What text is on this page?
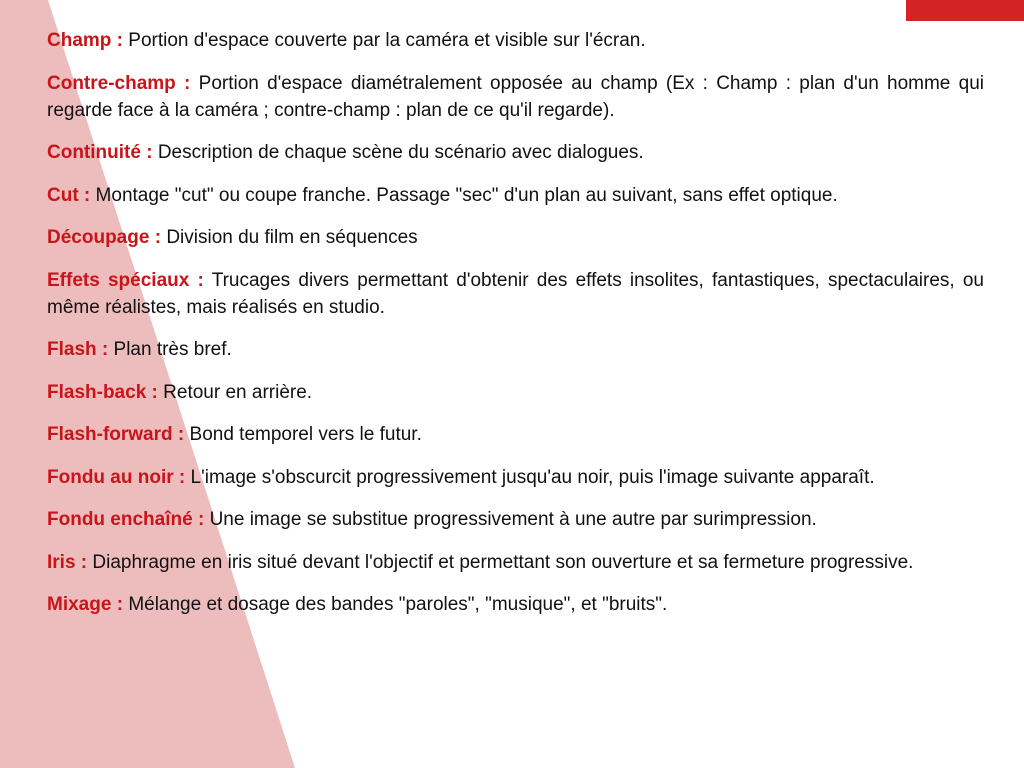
Champ : Portion d'espace couverte par la caméra et visible sur l'écran.

Contre-champ : Portion d'espace diamétralement opposée au champ (Ex : Champ : plan d'un homme qui regarde face à la caméra ; contre-champ : plan de ce qu'il regarde).

Continuité : Description de chaque scène du scénario avec dialogues.

Cut : Montage "cut" ou coupe franche. Passage "sec" d'un plan au suivant, sans effet optique.

Découpage : Division du film en séquences

Effets spéciaux : Trucages divers permettant d'obtenir des effets insolites, fantastiques, spectaculaires, ou même réalistes, mais réalisés en studio.

Flash : Plan très bref.

Flash-back : Retour en arrière.

Flash-forward : Bond temporel vers le futur.

Fondu au noir : L'image s'obscurcit progressivement jusqu'au noir, puis l'image suivante apparaît.

Fondu enchaîné : Une image se substitue progressivement à une autre par surimpression.

Iris : Diaphragme en iris situé devant l'objectif et permettant son ouverture et sa fermeture progressive.

Mixage : Mélange et dosage des bandes "paroles", "musique", et "bruits".
